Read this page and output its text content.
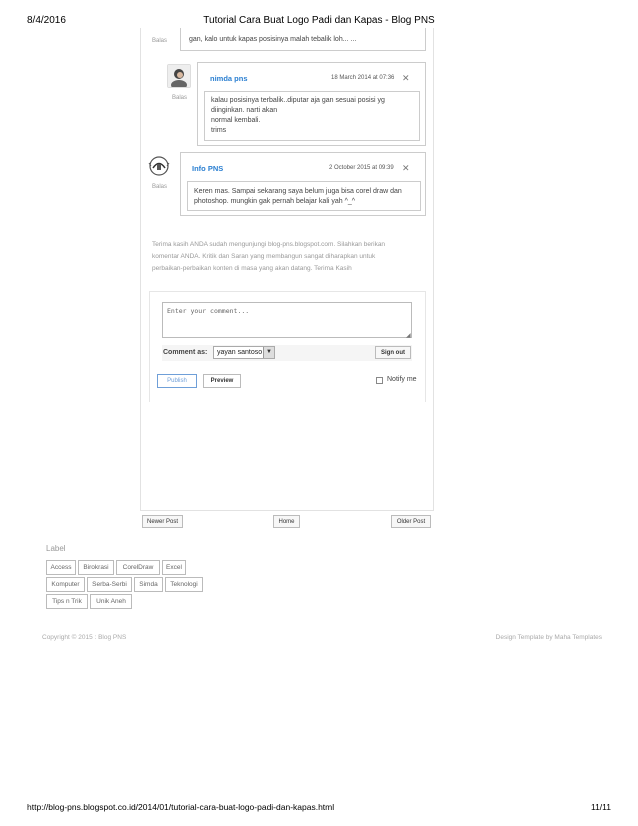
8/4/2016	Tutorial Cara Buat Logo Padi dan Kapas - Blog PNS
Balas	gan, kalo untuk kapas posisinya malah tebalik loh... ...
Balas
nimda pns	18 March 2014 at 07:36 ✕
kalau posisinya terbalik..diputar aja gan sesuai posisi yg
diinginkan. narti akan
normal kembali.
trims
Balas
Info PNS	2 October 2015 at 09:39 ✕
Keren mas. Sampai sekarang saya belum juga bisa corel draw dan
photoshop. mungkin gak pernah belajar kali yah ^_^
Terima kasih ANDA sudah mengunjungi blog-pns.blogspot.com. Silahkan berikan
komentar ANDA. Kritik dan Saran yang membangun sangat diharapkan untuk
perbaikan-perbaikan konten di masa yang akan datang. Terima Kasih
Enter your comment...
◢
Comment as: yayan santoso ▼	Sign out
Publish	Preview	Notify me
Newer Post	Home	Older Post
Label
Access	Birokrasi	CorelDraw	Excel
Komputer	Serba-Serbi	Simda	Teknologi
Tips n Trik	Unik Aneh
Copyright © 2015 : Blog PNS	Design Template by Maha Templates
http://blog-pns.blogspot.co.id/2014/01/tutorial-cara-buat-logo-padi-dan-kapas.html	11/11
